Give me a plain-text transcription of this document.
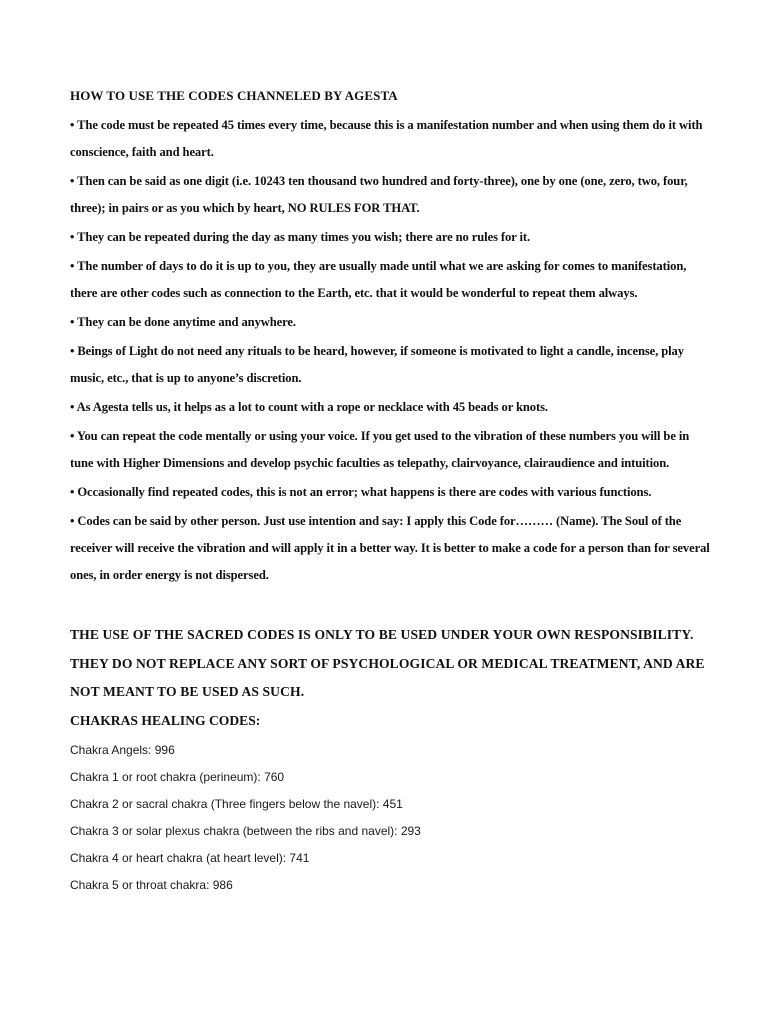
HOW TO USE THE CODES CHANNELED BY AGESTA
• The code must be repeated 45 times every time, because this is a manifestation number and when using them do it with conscience, faith and heart.
• Then can be said as one digit (i.e. 10243 ten thousand two hundred and forty-three), one by one (one, zero, two, four, three); in pairs or as you which by heart, NO RULES FOR THAT.
• They can be repeated during the day as many times you wish; there are no rules for it.
• The number of days to do it is up to you, they are usually made until what we are asking for comes to manifestation, there are other codes such as connection to the Earth, etc. that it would be wonderful to repeat them always.
• They can be done anytime and anywhere.
• Beings of Light do not need any rituals to be heard, however, if someone is motivated to light a candle, incense, play music, etc., that is up to anyone’s discretion.
• As Agesta tells us, it helps as a lot to count with a rope or necklace with 45 beads or knots.
• You can repeat the code mentally or using your voice. If you get used to the vibration of these numbers you will be in tune with Higher Dimensions and develop psychic faculties as telepathy, clairvoyance, clairaudience and intuition.
• Occasionally find repeated codes, this is not an error; what happens is there are codes with various functions.
• Codes can be said by other person. Just use intention and say: I apply this Code for……… (Name). The Soul of the receiver will receive the vibration and will apply it in a better way. It is better to make a code for a person than for several ones, in order energy is not dispersed.

THE USE OF THE SACRED CODES IS ONLY TO BE USED UNDER YOUR OWN RESPONSIBILITY. THEY DO NOT REPLACE ANY SORT OF PSYCHOLOGICAL OR MEDICAL TREATMENT, AND ARE NOT MEANT TO BE USED AS SUCH.

CHAKRAS HEALING CODES:
Chakra Angels: 996
Chakra 1 or root chakra (perineum): 760
Chakra 2 or sacral chakra (Three fingers below the navel): 451
Chakra 3 or solar plexus chakra (between the ribs and navel): 293
Chakra 4 or heart chakra (at heart level): 741
Chakra 5 or throat chakra: 986
